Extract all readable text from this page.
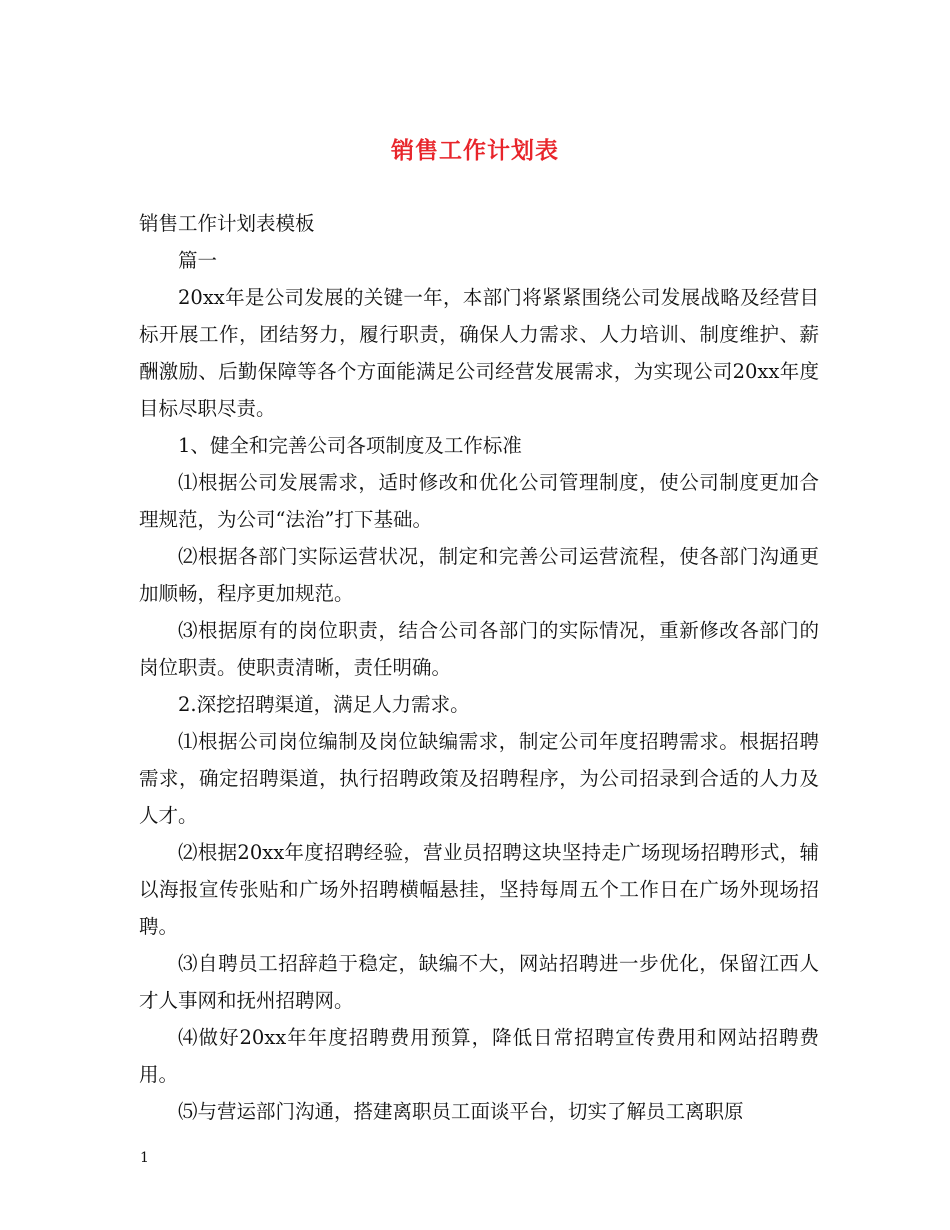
销售工作计划表

销售工作计划表模板

篇一

20xx年是公司发展的关键一年，本部门将紧紧围绕公司发展战略及经营目标开展工作，团结努力，履行职责，确保人力需求、人力培训、制度维护、薪酬激励、后勤保障等各个方面能满足公司经营发展需求，为实现公司20xx年度目标尽职尽责。

1、健全和完善公司各项制度及工作标准

⑴根据公司发展需求，适时修改和优化公司管理制度，使公司制度更加合理规范，为公司“法治”打下基础。

⑵根据各部门实际运营状况，制定和完善公司运营流程，使各部门沟通更加顺畅，程序更加规范。

⑶根据原有的岗位职责，结合公司各部门的实际情况，重新修改各部门的岗位职责。使职责清晰，责任明确。

2.深挖招聘渠道，满足人力需求。

⑴根据公司岗位编制及岗位缺编需求，制定公司年度招聘需求。根据招聘需求，确定招聘渠道，执行招聘政策及招聘程序，为公司招录到合适的人力及人才。

⑵根据20xx年度招聘经验，营业员招聘这块坚持走广场现场招聘形式，辅以海报宣传张贴和广场外招聘横幅悬挂，坚持每周五个工作日在广场外现场招聘。

⑶自聘员工招辞趋于稳定，缺编不大，网站招聘进一步优化，保留江西人才人事网和抚州招聘网。

⑷做好20xx年年度招聘费用预算，降低日常招聘宣传费用和网站招聘费用。

⑸与营运部门沟通，搭建离职员工面谈平台，切实了解员工离职原

1
